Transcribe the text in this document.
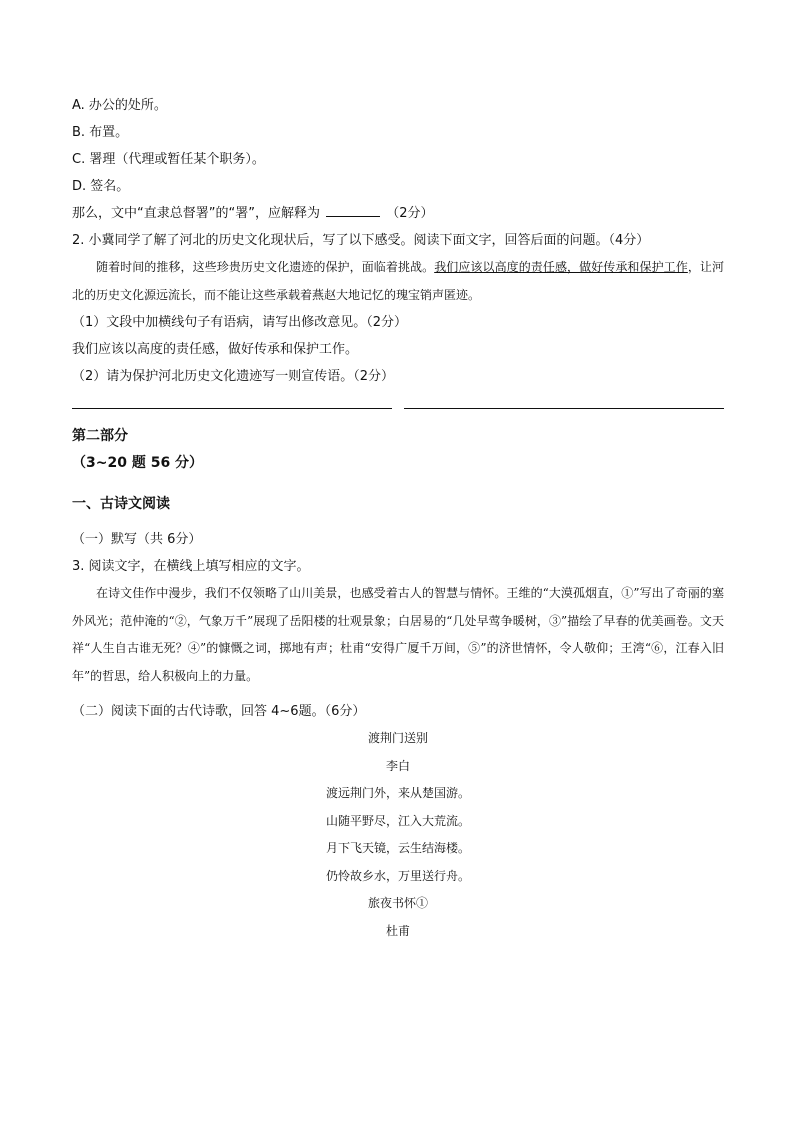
A. 办公的处所。
B. 布置。
C. 署理（代理或暂任某个职务）。
D. 签名。
那么，文中“直隶总督署”的“署”，应解释为	（2分）
2. 小冀同学了解了河北的历史文化现状后，写了以下感受。阅读下面文字，回答后面的问题。（4分）
随着时间的推移，这些珍贵历史文化遗迹的保护，面临着挑战。我们应该以高度的责任感，做好传承和保护工作，让河北的历史文化源远流长，而不能让这些承载着燕赵大地记忆的瑰宝销声匿迹。
（1）文段中加横线句子有语病，请写出修改意见。（2分）
我们应该以高度的责任感，做好传承和保护工作。
（2）请为保护河北历史文化遗迹写一则宣传语。（2分）
第二部分
（3~20 题 56 分）
一、古诗文阅读
（一）默写（共 6分）
3. 阅读文字，在横线上填写相应的文字。
在诗文佳作中漫步，我们不仅领略了山川美景，也感受着古人的智慧与情怀。王维的“大漠孤烟直，①”写出了奇丽的塞外风光；范仲淹的“②，气象万千”展现了岳阳楼的壮观景象；白居易的“几处早莺争暖树，③”描绘了早春的优美画卷。文天祥“人生自古谁无死？④”的慷慨之词，掷地有声；杜甫“安得广厦千万间，⑤”的济世情怀，令人敬仰；王湾“⑥，江春入旧年”的哲思，给人积极向上的力量。
（二）阅读下面的古代诗歌，回答 4~6题。（6分）
渡荆门送别
李白
渡远荆门外，来从楚国游。
山随平野尽，江入大荒流。
月下飞天镜，云生结海楼。
仍怜故乡水，万里送行舟。
旅夜书怀①
杜甫
